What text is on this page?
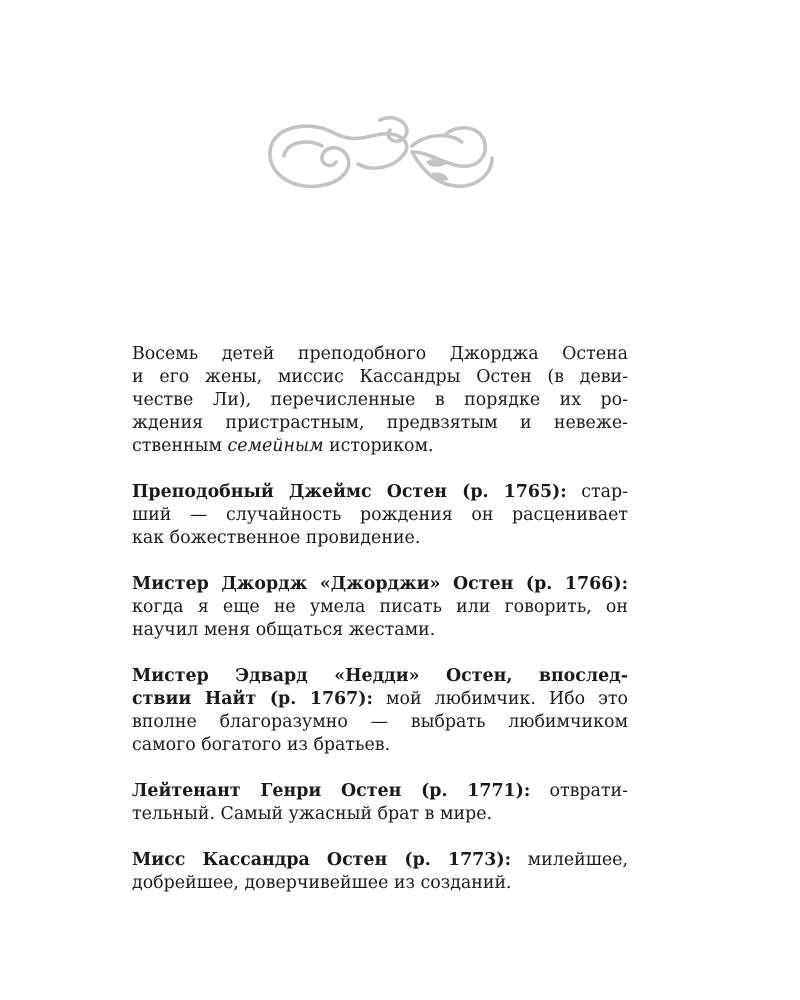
Восемь детей преподобного Джорджа Остена
и его жены, миссис Кассандры Остен (в деви-
честве Ли), перечисленные в порядке их ро-
ждения пристрастным, предвзятым и невеже-
ственным семейным историком.
Преподобный Джеймс Остен (р. 1765): стар-
ший — случайность рождения он расценивает
как божественное провидение.
Мистер Джордж «Джорджи» Остен (р. 1766):
когда я еще не умела писать или говорить, он
научил меня общаться жестами.
Мистер Эдвард «Недди» Остен, впослед-
ствии Найт (р. 1767): мой любимчик. Ибо это
вполне благоразумно — выбрать любимчиком
самого богатого из братьев.
Лейтенант Генри Остен (р. 1771): отврати-
тельный. Самый ужасный брат в мире.
Мисс Кассандра Остен (р. 1773): милейшее,
добрейшее, доверчивейшее из созданий.
